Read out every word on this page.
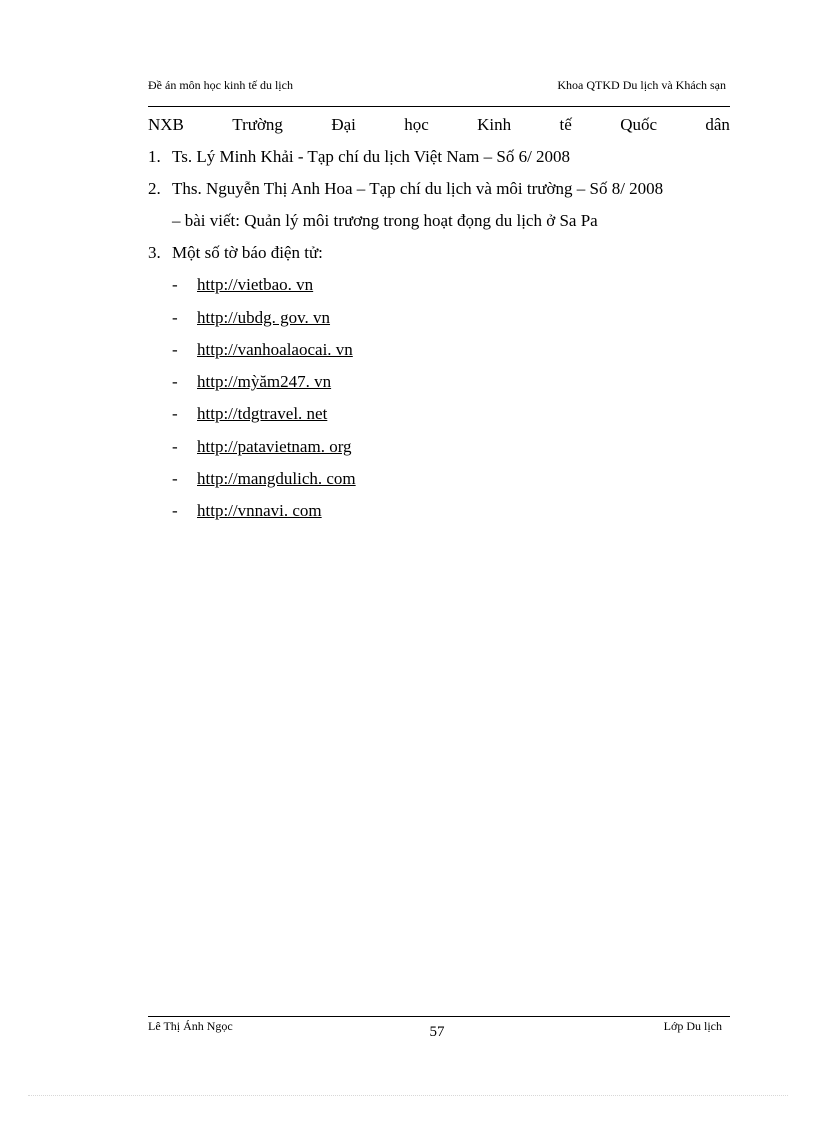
Đề án môn học kinh tế du lịch	Khoa QTKD Du lịch và Khách sạn
NXB	Trường	Đại	học	Kinh	tế	Quốc	dân
1. Ts. Lý Minh Khải - Tạp chí du lịch Việt Nam – Số 6/ 2008
2. Ths. Nguyễn Thị Anh Hoa – Tạp chí du lịch và môi trường – Số 8/ 2008
– bài viết: Quản lý môi trương trong hoạt đọng du lịch ở Sa Pa
3. Một số tờ báo điện tử:
- http://vietbao. vn
- http://ubdg. gov. vn
- http://vanhoalaocai. vn
- http://mỳăm247. vn
- http://tdgtravel. net
- http://patavietnam. org
- http://mangdulich. com
- http://vnnavi. com
Lê Thị Ánh Ngọc	57	Lớp Du lịch
